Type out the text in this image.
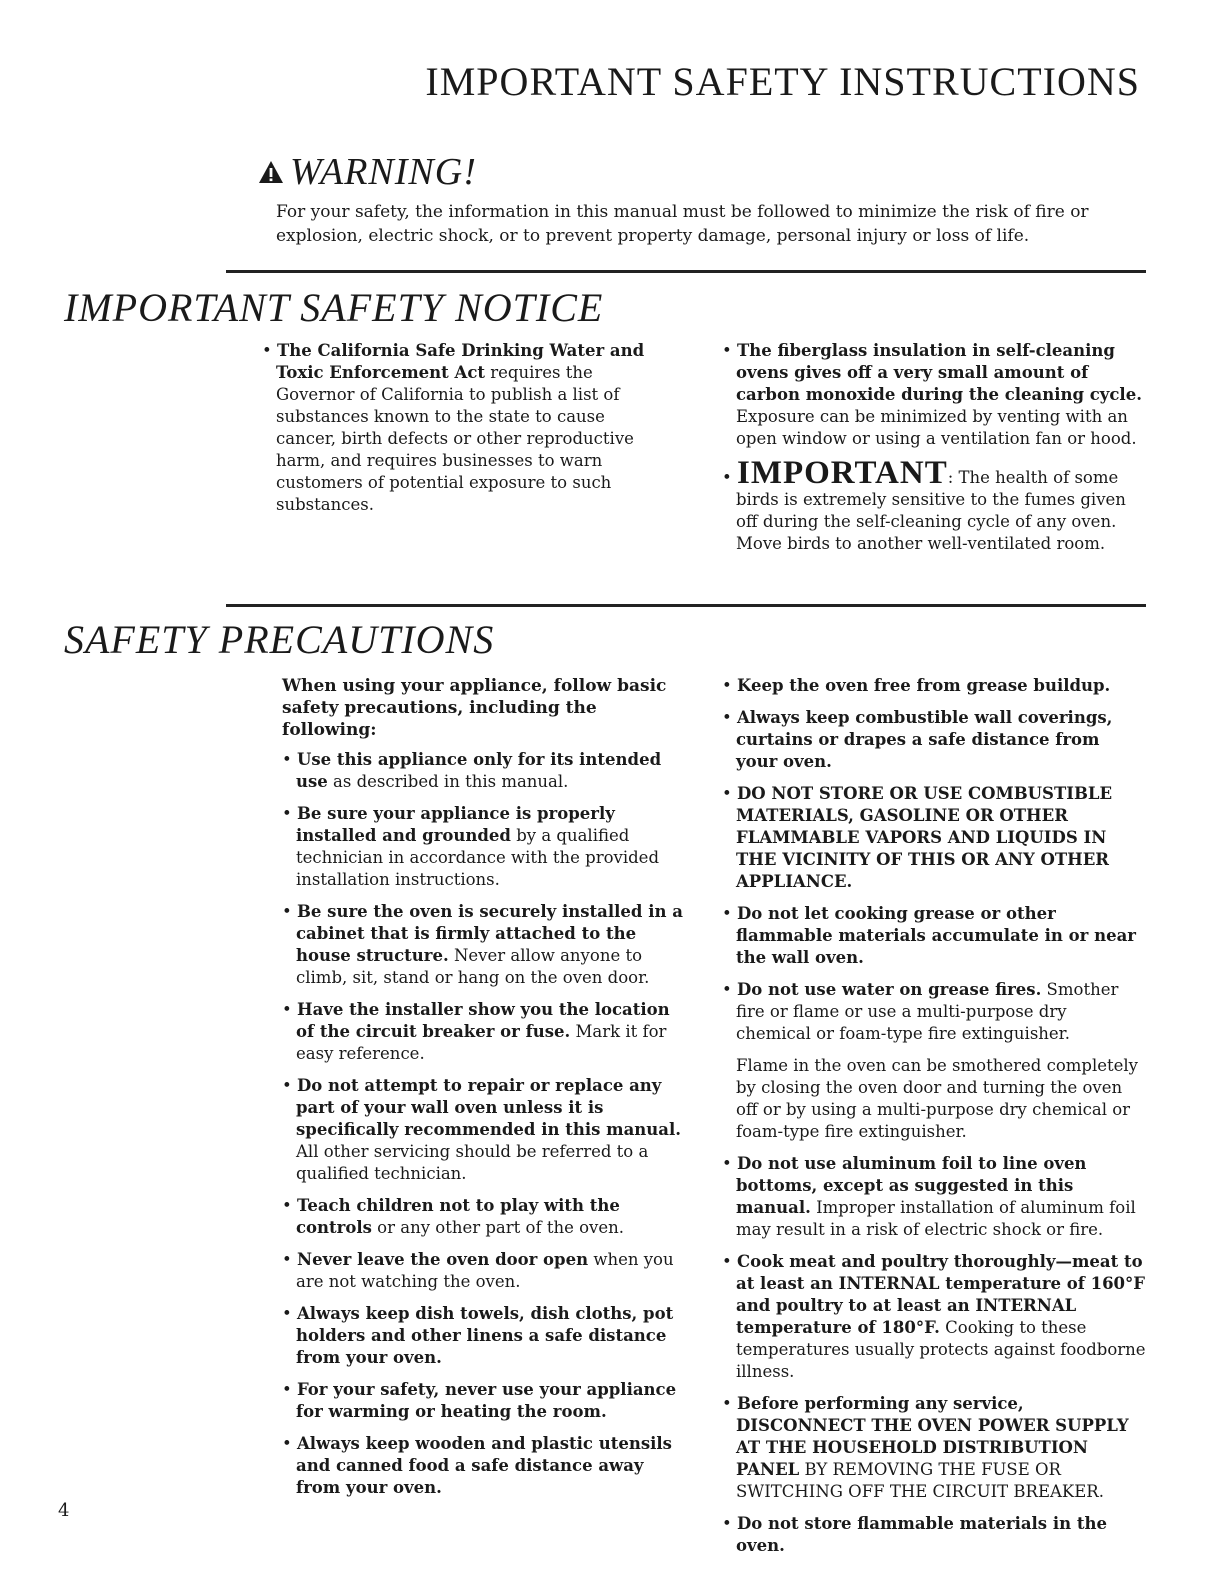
IMPORTANT SAFETY INSTRUCTIONS
WARNING!
For your safety, the information in this manual must be followed to minimize the risk of fire or explosion, electric shock, or to prevent property damage, personal injury or loss of life.
IMPORTANT SAFETY NOTICE

• The California Safe Drinking Water and Toxic Enforcement Act requires the Governor of California to publish a list of substances known to the state to cause cancer, birth defects or other reproductive harm, and requires businesses to warn customers of potential exposure to such substances.

• The fiberglass insulation in self-cleaning ovens gives off a very small amount of carbon monoxide during the cleaning cycle. Exposure can be minimized by venting with an open window or using a ventilation fan or hood.

• IMPORTANT: The health of some birds is extremely sensitive to the fumes given off during the self-cleaning cycle of any oven. Move birds to another well-ventilated room.

SAFETY PRECAUTIONS

When using your appliance, follow basic safety precautions, including the following:

• Use this appliance only for its intended use as described in this manual.

• Be sure your appliance is properly installed and grounded by a qualified technician in accordance with the provided installation instructions.

• Be sure the oven is securely installed in a cabinet that is firmly attached to the house structure. Never allow anyone to climb, sit, stand or hang on the oven door.

• Have the installer show you the location of the circuit breaker or fuse. Mark it for easy reference.

• Do not attempt to repair or replace any part of your wall oven unless it is specifically recommended in this manual. All other servicing should be referred to a qualified technician.

• Teach children not to play with the controls or any other part of the oven.

• Never leave the oven door open when you are not watching the oven.

• Always keep dish towels, dish cloths, pot holders and other linens a safe distance from your oven.

• For your safety, never use your appliance for warming or heating the room.

• Always keep wooden and plastic utensils and canned food a safe distance away from your oven.

• Keep the oven free from grease buildup.

• Always keep combustible wall coverings, curtains or drapes a safe distance from your oven.

• DO NOT STORE OR USE COMBUSTIBLE MATERIALS, GASOLINE OR OTHER FLAMMABLE VAPORS AND LIQUIDS IN THE VICINITY OF THIS OR ANY OTHER APPLIANCE.

• Do not let cooking grease or other flammable materials accumulate in or near the wall oven.

• Do not use water on grease fires. Smother fire or flame or use a multi-purpose dry chemical or foam-type fire extinguisher.

Flame in the oven can be smothered completely by closing the oven door and turning the oven off or by using a multi-purpose dry chemical or foam-type fire extinguisher.

• Do not use aluminum foil to line oven bottoms, except as suggested in this manual. Improper installation of aluminum foil may result in a risk of electric shock or fire.

• Cook meat and poultry thoroughly—meat to at least an INTERNAL temperature of 160°F and poultry to at least an INTERNAL temperature of 180°F. Cooking to these temperatures usually protects against foodborne illness.

• Before performing any service, DISCONNECT THE OVEN POWER SUPPLY AT THE HOUSEHOLD DISTRIBUTION PANEL BY REMOVING THE FUSE OR SWITCHING OFF THE CIRCUIT BREAKER.

• Do not store flammable materials in the oven.

4
